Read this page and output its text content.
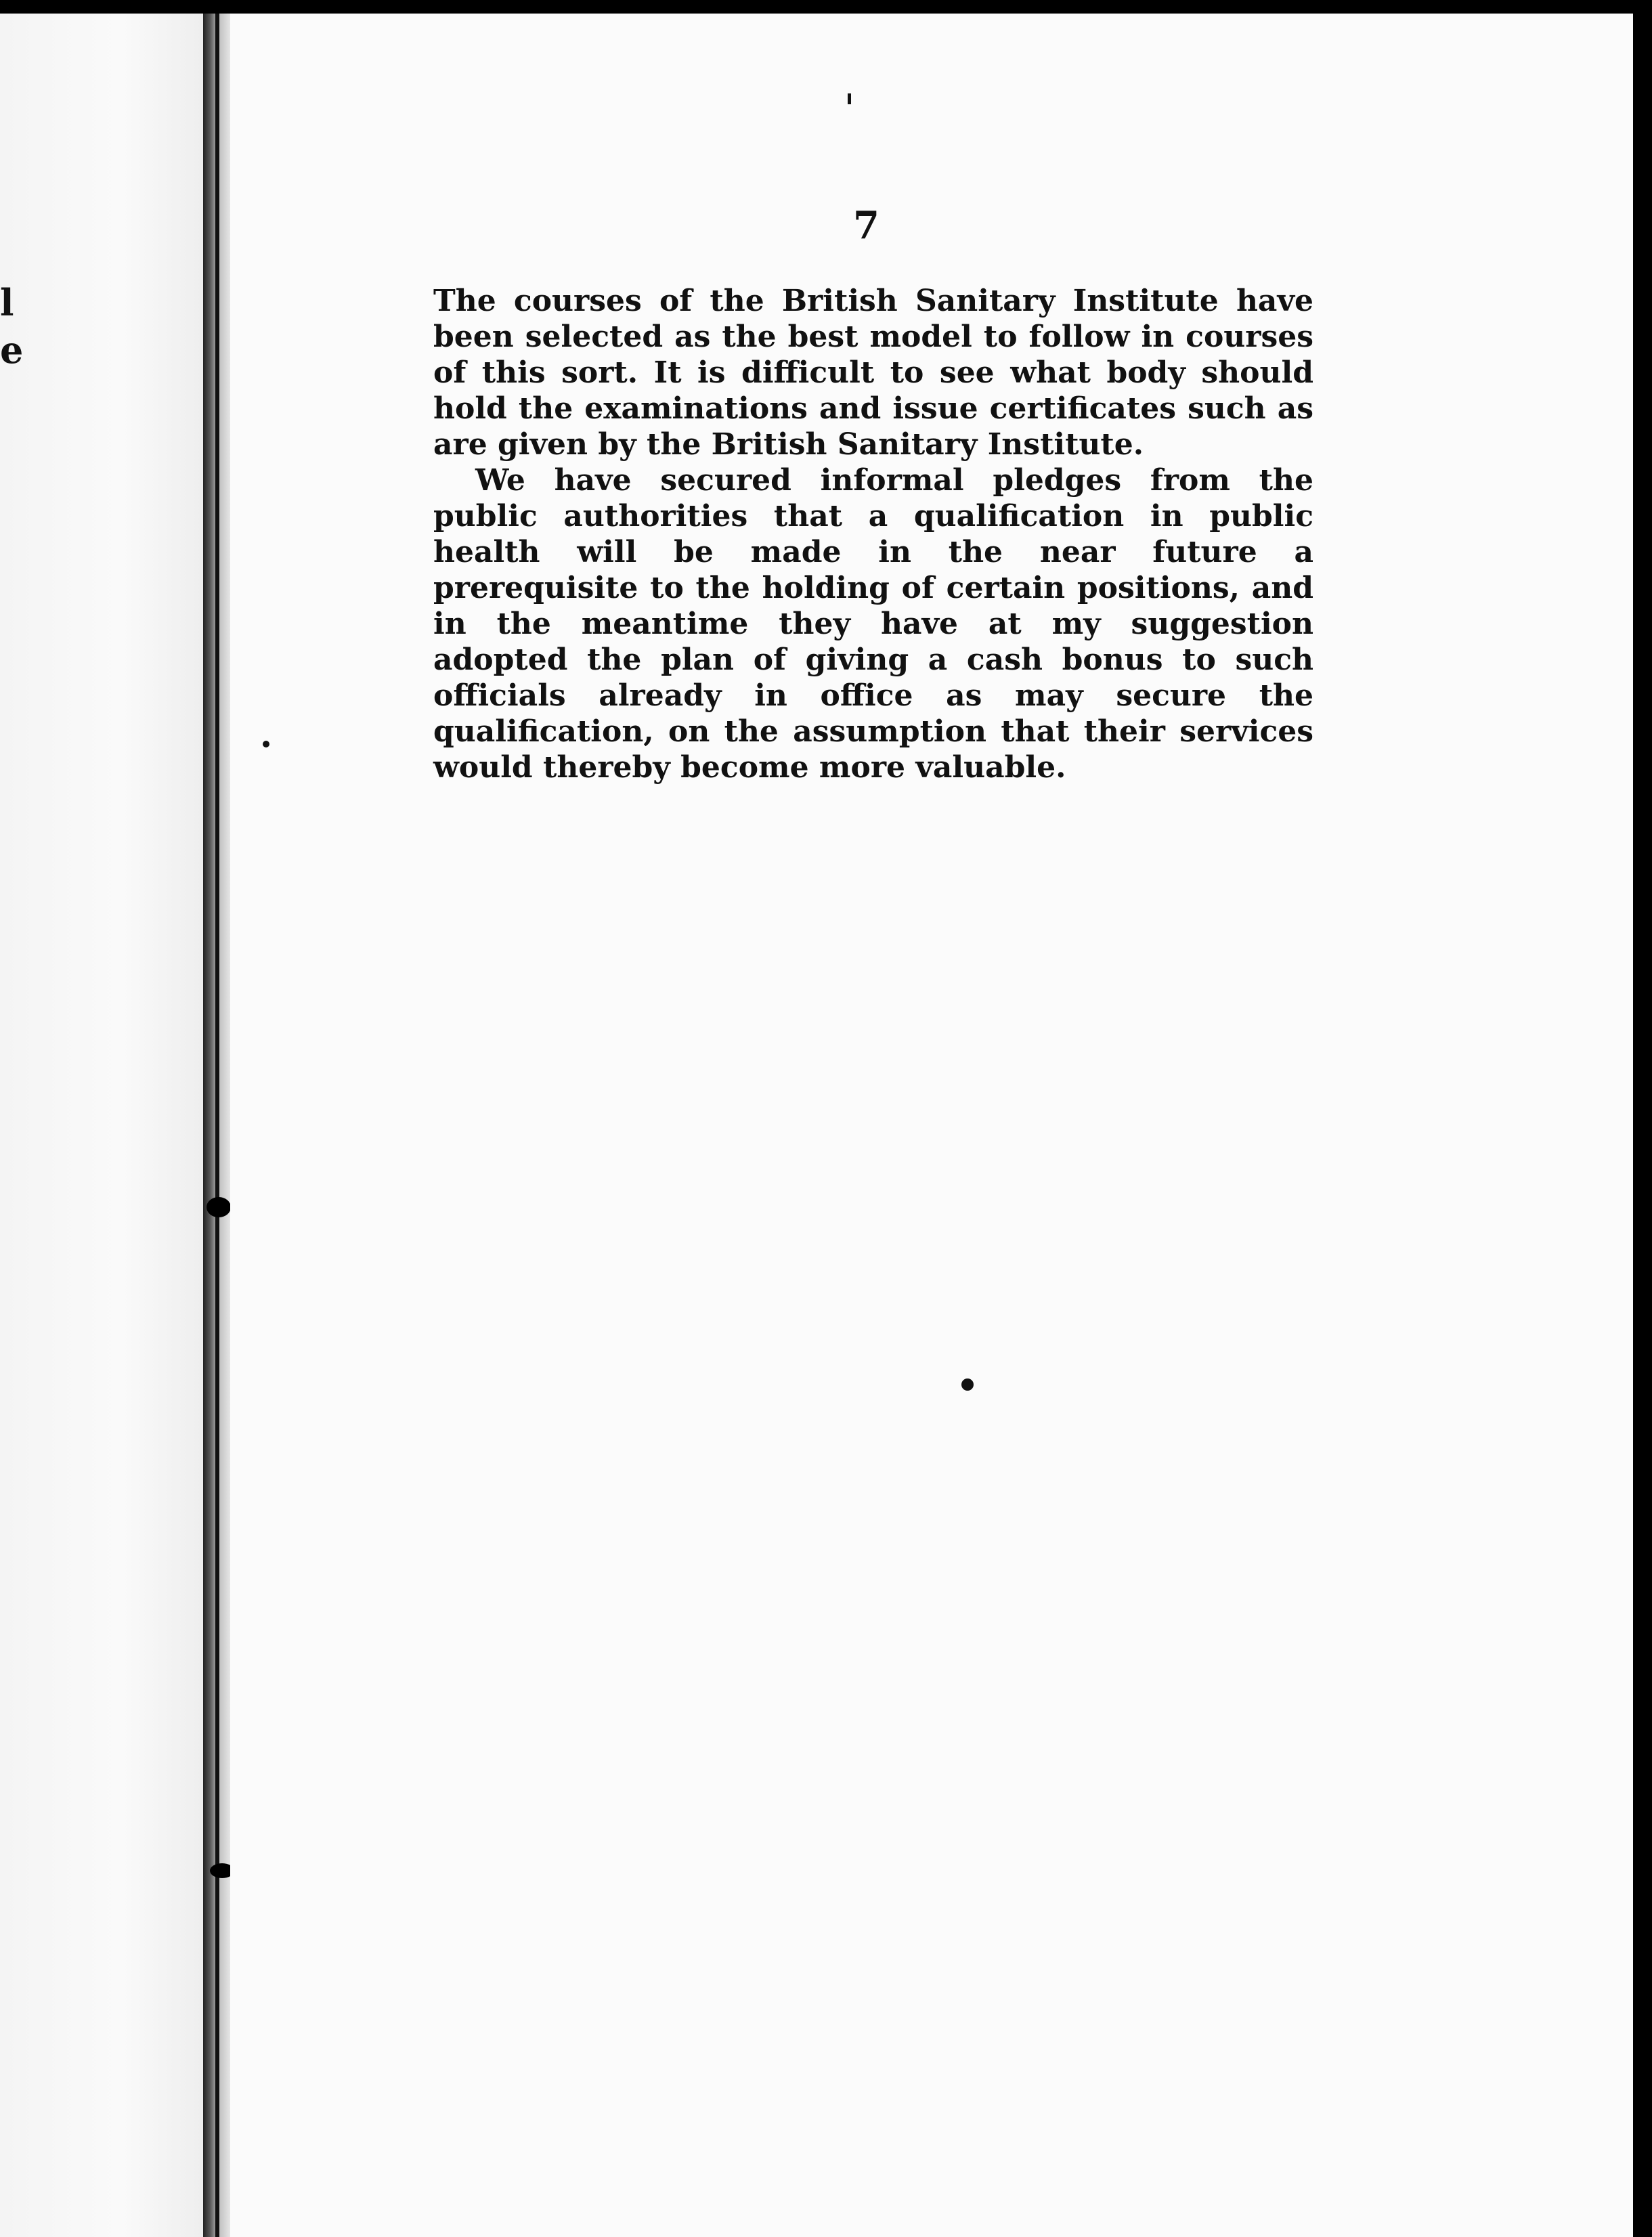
l
e
7

The courses of the British Sanitary Institute have been selected as the best model to follow in courses of this sort. It is difficult to see what body should hold the examinations and issue certificates such as are given by the British Sanitary Institute.

We have secured informal pledges from the public authorities that a qualification in public health will be made in the near future a prerequisite to the holding of certain positions, and in the meantime they have at my suggestion adopted the plan of giving a cash bonus to such officials already in office as may secure the qualification, on the assumption that their services would thereby become more valuable.
